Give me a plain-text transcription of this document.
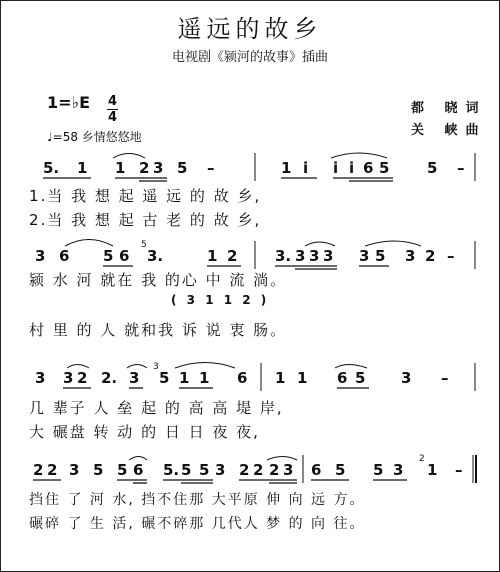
遥远的故乡
电视剧《颍河的故事》插曲
1=♭E 4
4
♩=58 乡情悠悠地
都 晓词
关 峡曲
5. 1 1 2 3 5 –	1 i i i 6 5	5 –
1.当 我 想 起 遥 远 的 故 乡,
2.当 我 想 起 古 老 的 故 乡,
3 6 5 6 3.	1 2	3. 3 3 3 3 5 3 2 –
5
颍 水 河 就在 我 的心 中 流 淌。
( 3 1 1 2 )
村 里 的 人 就和我 诉 说 衷 肠。
3 3 2 2. 3 5 1 1 6 1 1 6 5 3 –
3
几 辈子 人 垒 起 的 高 高 堤 岸,
大 碾盘 转 动 的 日 日 夜 夜,
2 2 3 5 5 6 5. 5 5 3 2 2 2 3 6 5 5 3 1 –
2
挡住 了 河 水, 挡不住那 大平原 伸 向 远 方。
碾碎 了 生 活, 碾不碎那 几代人 梦 的 向 往。
